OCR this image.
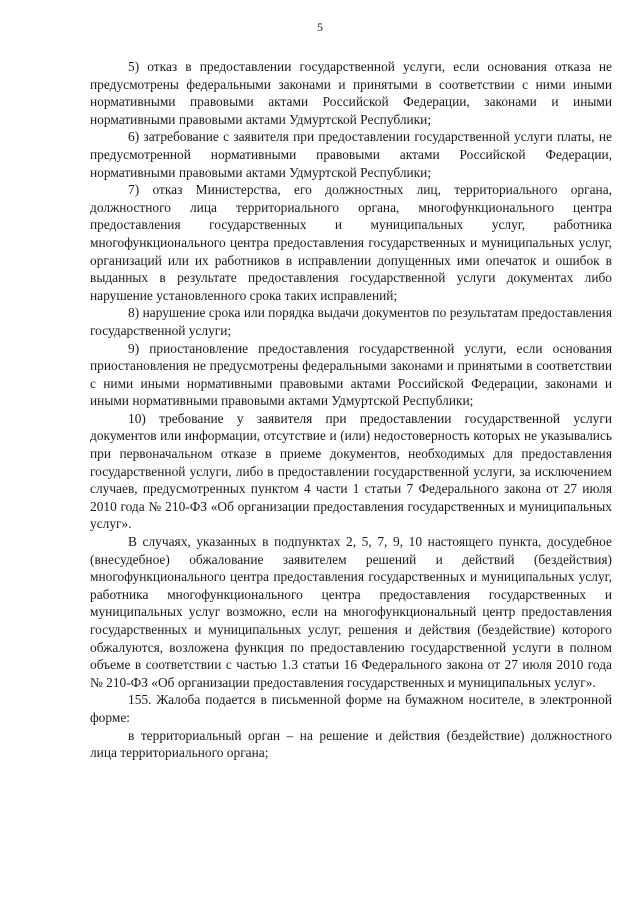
5

5) отказ в предоставлении государственной услуги, если основания отказа не предусмотрены федеральными законами и принятыми в соответствии с ними иными нормативными правовыми актами Российской Федерации, законами и иными нормативными правовыми актами Удмуртской Республики;

6) затребование с заявителя при предоставлении государственной услуги платы, не предусмотренной нормативными правовыми актами Российской Федерации, нормативными правовыми актами Удмуртской Республики;

7) отказ Министерства, его должностных лиц, территориального органа, должностного лица территориального органа, многофункционального центра предоставления государственных и муниципальных услуг, работника многофункционального центра предоставления государственных и муниципальных услуг, организаций или их работников в исправлении допущенных ими опечаток и ошибок в выданных в результате предоставления государственной услуги документах либо нарушение установленного срока таких исправлений;

8) нарушение срока или порядка выдачи документов по результатам предоставления государственной услуги;

9) приостановление предоставления государственной услуги, если основания приостановления не предусмотрены федеральными законами и принятыми в соответствии с ними иными нормативными правовыми актами Российской Федерации, законами и иными нормативными правовыми актами Удмуртской Республики;

10) требование у заявителя при предоставлении государственной услуги документов или информации, отсутствие и (или) недостоверность которых не указывались при первоначальном отказе в приеме документов, необходимых для предоставления государственной услуги, либо в предоставлении государственной услуги, за исключением случаев, предусмотренных пунктом 4 части 1 статьи 7 Федерального закона от 27 июля 2010 года № 210-ФЗ «Об организации предоставления государственных и муниципальных услуг».

В случаях, указанных в подпунктах 2, 5, 7, 9, 10 настоящего пункта, досудебное (внесудебное) обжалование заявителем решений и действий (бездействия) многофункционального центра предоставления государственных и муниципальных услуг, работника многофункционального центра предоставления государственных и муниципальных услуг возможно, если на многофункциональный центр предоставления государственных и муниципальных услуг, решения и действия (бездействие) которого обжалуются, возложена функция по предоставлению государственной услуги в полном объеме в соответствии с частью 1.3 статьи 16 Федерального закона от 27 июля 2010 года № 210-ФЗ «Об организации предоставления государственных и муниципальных услуг».

155. Жалоба подается в письменной форме на бумажном носителе, в электронной форме:

в территориальный орган – на решение и действия (бездействие) должностного лица территориального органа;
